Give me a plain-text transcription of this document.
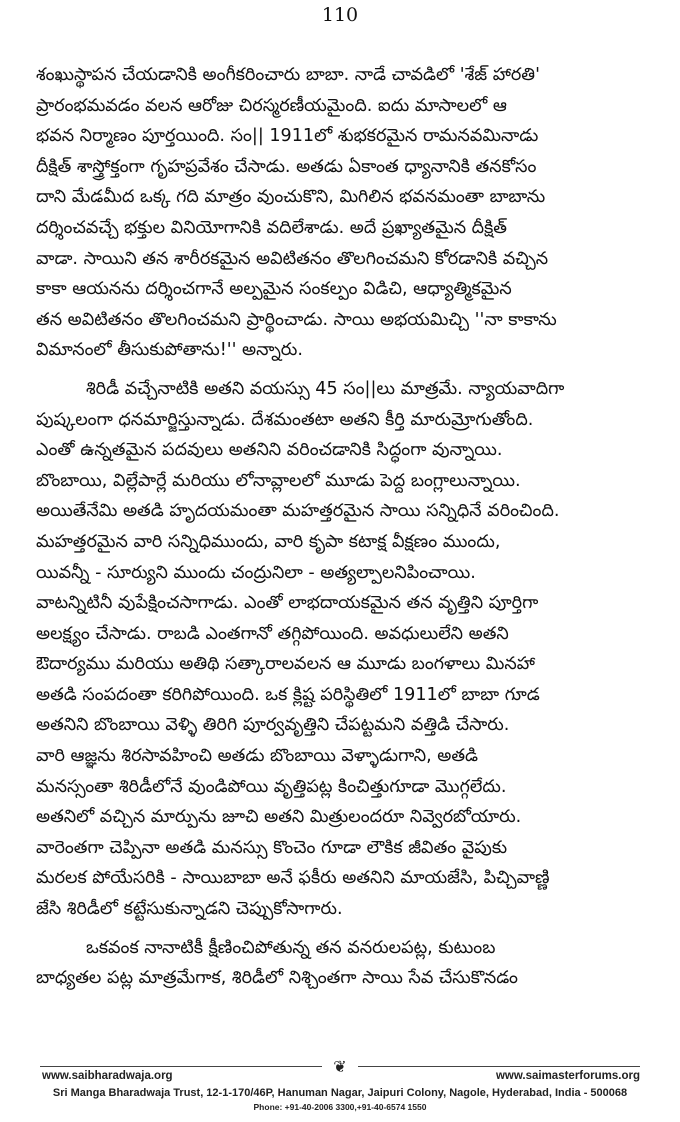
110
శంఖుస్థాపన చేయడానికి అంగీకరించారు బాబా. నాడే చావడిలో 'శేజ్ హారతి'
ప్రారంభమవడం వలన ఆరోజు చిరస్మరణీయమైంది. ఐదు మాసాలలో ఆ
భవన నిర్మాణం పూర్తయింది. సం|| 1911లో శుభకరమైన రామనవమినాడు
దీక్షిత్ శాస్త్రోక్తంగా గృహప్రవేశం చేసాడు. అతడు ఏకాంత ధ్యానానికి తనకోసం
దాని మేడమీద ఒక్క గది మాత్రం వుంచుకొని, మిగిలిన భవనమంతా బాబాను
దర్శించవచ్చే భక్తుల వినియోగానికి వదిలేశాడు. అదే ప్రఖ్యాతమైన దీక్షిత్
వాడా. సాయిని తన శారీరకమైన అవిటితనం తొలగించమని కోరడానికి వచ్చిన
కాకా ఆయనను దర్శించగానే అల్పమైన సంకల్పం విడిచి, ఆధ్యాత్మికమైన
తన అవిటితనం తొలగించమని ప్రార్థించాడు. సాయి అభయమిచ్చి ''నా కాకాను
విమానంలో తీసుకుపోతాను!'' అన్నారు.
శిరిడీ వచ్చేనాటికి అతని వయస్సు 45 సం||లు మాత్రమే. న్యాయవాదిగా
పుష్కలంగా ధనమార్జిస్తున్నాడు. దేశమంతటా అతని కీర్తి మారుమ్రోగుతోంది.
ఎంతో ఉన్నతమైన పదవులు అతనిని వరించడానికి సిద్ధంగా వున్నాయి.
బొంబాయి, విల్లేపార్లే మరియు లోనావ్లాలలో మూడు పెద్ద బంగ్లాలున్నాయి.
అయితేనేమి అతడి హృదయమంతా మహత్తరమైన సాయి సన్నిధినే వరించింది.
మహత్తరమైన వారి సన్నిధిముందు, వారి కృపా కటాక్ష వీక్షణం ముందు,
యివన్నీ - సూర్యుని ముందు చంద్రునిలా - అత్యల్పాలనిపించాయి.
వాటన్నిటినీ వుపేక్షించసాగాడు. ఎంతో లాభదాయకమైన తన వృత్తిని పూర్తిగా
అలక్ష్యం చేసాడు. రాబడి ఎంతగానో తగ్గిపోయింది. అవధులులేని అతని
ఔదార్యము మరియు అతిథి సత్కారాలవలన ఆ మూడు బంగళాలు మినహా
అతడి సంపదంతా కరిగిపోయింది. ఒక క్లిష్ట పరిస్థితిలో 1911లో బాబా గూడ
అతనిని బొంబాయి వెళ్ళి తిరిగి పూర్వవృత్తిని చేపట్టమని వత్తిడి చేసారు.
వారి ఆజ్ఞను శిరసావహించి అతడు బొంబాయి వెళ్ళాడుగాని, అతడి
మనస్సంతా శిరిడీలోనే వుండిపోయి వృత్తిపట్ల కించిత్తుగూడా మొగ్గలేదు.
అతనిలో వచ్చిన మార్పును జూచి అతని మిత్రులందరూ నివ్వెరబోయారు.
వారెంతగా చెప్పినా అతడి మనస్సు కొంచెం గూడా లౌకిక జీవితం వైపుకు
మరలక పోయేసరికి - సాయిబాబా అనే ఫకీరు అతనిని మాయజేసి, పిచ్చివాణ్ణి
జేసి శిరిడీలో కట్టేసుకున్నాడని చెప్పుకోసాగారు.
ఒకవంక నానాటికీ క్షీణించిపోతున్న తన వనరులపట్ల, కుటుంబ
బాధ్యతల పట్ల మాత్రమేగాక, శిరిడీలో నిశ్చింతగా సాయి సేవ చేసుకొనడం
❦
www.saibharadwaja.org	www.saimasterforums.org
Sri Manga Bharadwaja Trust, 12-1-170/46P, Hanuman Nagar, Jaipuri Colony, Nagole, Hyderabad, India - 500068
Phone: +91-40-2006 3300,+91-40-6574 1550
